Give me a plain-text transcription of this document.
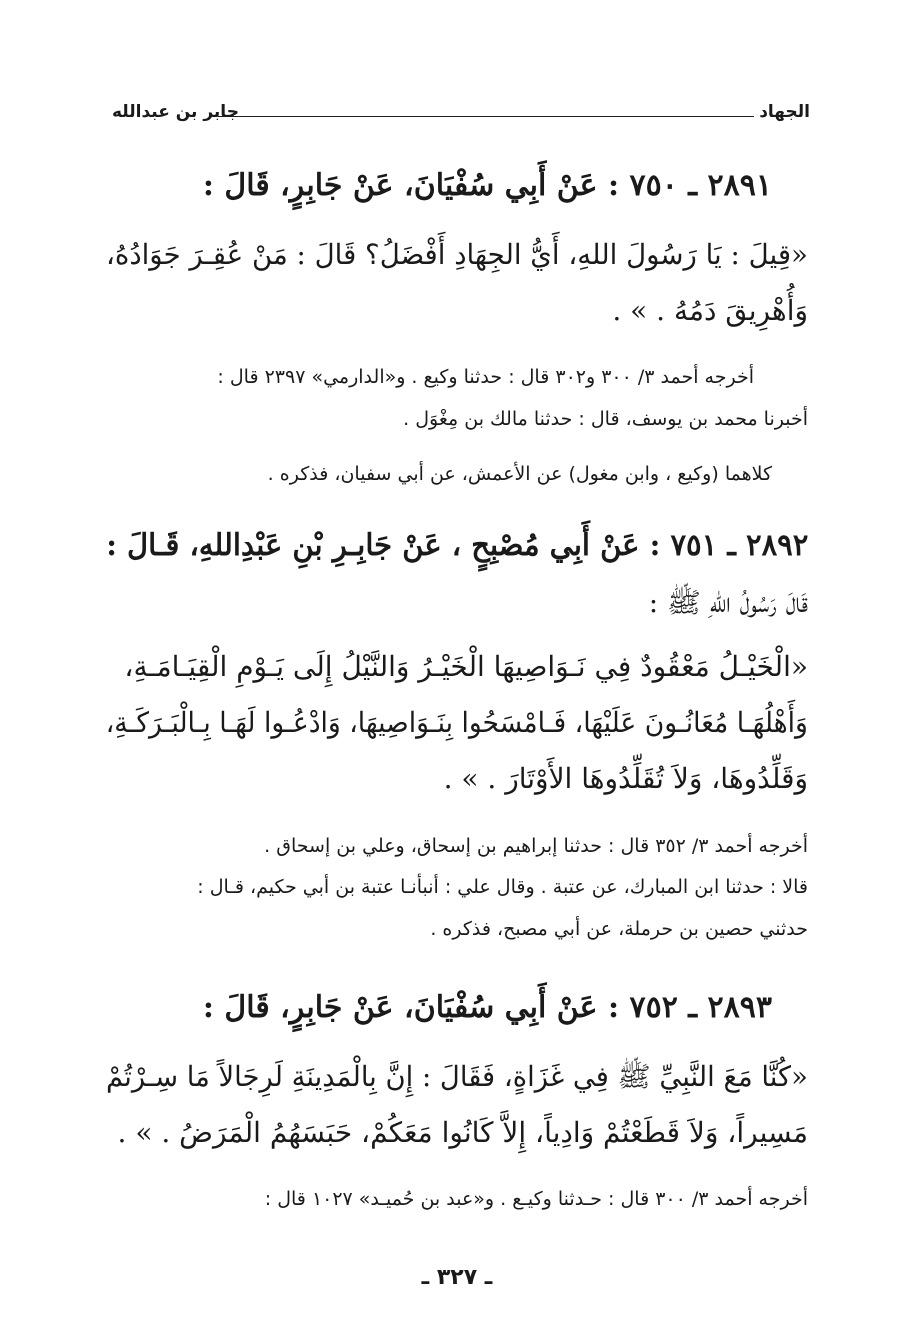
الجهاد
جابر بن عبدالله
٢٨٩١ ـ ٧٥٠ : عَنْ أَبِي سُفْيَانَ، عَنْ جَابِرٍ، قَالَ :
«قِيلَ : يَا رَسُولَ اللهِ، أَيُّ الجِهَادِ أَفْضَلُ؟ قَالَ : مَنْ عُقِـرَ جَوَادُهُ،
وَأُهْرِيقَ دَمُهُ . » .
أخرجه أحمد ٣/ ٣٠٠ و٣٠٢ قال : حدثنا وكيع . و«الدارمي» ٢٣٩٧ قال :
أخبرنا محمد بن يوسف، قال : حدثنا مالك بن مِغْوَل .
كلاهما (وكيع ، وابن مغول) عن الأعمش، عن أبي سفيان، فذكره .
٢٨٩٢ ـ ٧٥١ : عَنْ أَبِي مُصْبِحٍ ، عَنْ جَابِـرِ بْنِ عَبْدِاللهِ، قَـالَ :
قَالَ رَسُولُ اللهِ ﷺ :
«الْخَيْـلُ مَعْقُودٌ فِي نَـوَاصِيهَا الْخَيْـرُ وَالنَّيْلُ إِلَى يَـوْمِ الْقِيَـامَـةِ،
وَأَهْلُهَـا مُعَانُـونَ عَلَيْهَا، فَـامْسَحُوا بِنَـوَاصِيهَا، وَادْعُـوا لَهَـا بِـالْبَـرَكَـةِ،
وَقَلِّدُوهَا، وَلاَ تُقَلِّدُوهَا الأَوْتَارَ . » .
أخرجه أحمد ٣/ ٣٥٢ قال : حدثنا إبراهيم بن إسحاق، وعلي بن إسحاق .
قالا : حدثنا ابن المبارك، عن عتبة . وقال علي : أنبأنـا عتبة بن أبي حكيم، قـال :
حدثني حصين بن حرملة، عن أبي مصبح، فذكره .
٢٨٩٣ ـ ٧٥٢ : عَنْ أَبِي سُفْيَانَ، عَنْ جَابِرٍ، قَالَ :
«كُنَّا مَعَ النَّبِيِّ ﷺ فِي غَزَاةٍ، فَقَالَ : إِنَّ بِالْمَدِينَةِ لَرِجَالاً مَا سِـرْتُمْ
مَسِيراً، وَلاَ قَطَعْتُمْ وَادِياً، إِلاَّ كَانُوا مَعَكُمْ، حَبَسَهُمُ الْمَرَضُ . » .
أخرجه أحمد ٣/ ٣٠٠ قال : حـدثنا وكيـع . و«عبد بن حُميـد» ١٠٢٧ قال :
ـ ٣٢٧ ـ
